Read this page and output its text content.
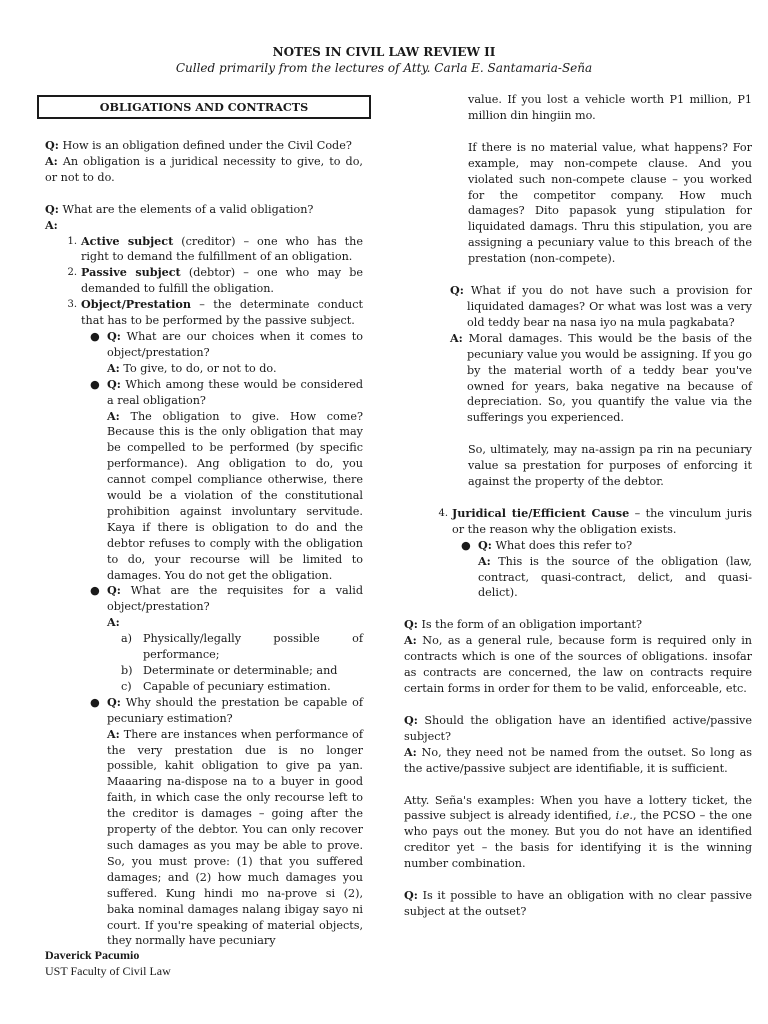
NOTES IN CIVIL LAW REVIEW II
Culled primarily from the lectures of Atty. Carla E. Santamaria-Seña
OBLIGATIONS AND CONTRACTS

Q: How is an obligation defined under the Civil Code?
A: An obligation is a juridical necessity to give, to do, or not to do.

Q: What are the elements of a valid obligation?
A:

1. Active subject (creditor) – one who has the right to demand the fulfillment of an obligation.
2. Passive subject (debtor) – one who may be demanded to fulfill the obligation.
3. Object/Prestation – the determinate conduct that has to be performed by the passive subject.
● Q: What are our choices when it comes to object/prestation?
A: To give, to do, or not to do.
● Q: Which among these would be considered a real obligation?
A: The obligation to give. How come? Because this is the only obligation that may be compelled to be performed (by specific performance). Ang obligation to do, you cannot compel compliance otherwise, there would be a violation of the constitutional prohibition against involuntary servitude. Kaya if there is obligation to do and the debtor refuses to comply with the obligation to do, your recourse will be limited to damages. You do not get the obligation.
● Q: What are the requisites for a valid object/prestation?
A:
a) Physically/legally possible of performance;
b) Determinate or determinable; and
c) Capable of pecuniary estimation.
● Q: Why should the prestation be capable of pecuniary estimation?
A: There are instances when performance of the very prestation due is no longer possible, kahit obligation to give pa yan. Maaaring na-dispose na to a buyer in good faith, in which case the only recourse left to the creditor is damages – going after the property of the debtor. You can only recover such damages as you may be able to prove. So, you must prove: (1) that you suffered damages; and (2) how much damages you suffered. Kung hindi mo na-prove si (2), baka nominal damages nalang ibigay sayo ni court. If you're speaking of material objects, they normally have pecuniary

value. If you lost a vehicle worth P1 million, P1 million din hingiin mo.

If there is no material value, what happens? For example, may non-compete clause. And you violated such non-compete clause – you worked for the competitor company. How much damages? Dito papasok yung stipulation for liquidated damags. Thru this stipulation, you are assigning a pecuniary value to this breach of the prestation (non-compete).

Q: What if you do not have such a provision for liquidated damages? Or what was lost was a very old teddy bear na nasa iyo na mula pagkabata?

A: Moral damages. This would be the basis of the pecuniary value you would be assigning. If you go by the material worth of a teddy bear you've owned for years, baka negative na because of depreciation. So, you quantify the value via the sufferings you experienced.

So, ultimately, may na-assign pa rin na pecuniary value sa prestation for purposes of enforcing it against the property of the debtor.

4. Juridical tie/Efficient Cause – the vinculum juris or the reason why the obligation exists.
● Q: What does this refer to?
A: This is the source of the obligation (law, contract, quasi-contract, delict, and quasi-delict).

Q: Is the form of an obligation important?
A: No, as a general rule, because form is required only in contracts which is one of the sources of obligations. insofar as contracts are concerned, the law on contracts require certain forms in order for them to be valid, enforceable, etc.

Q: Should the obligation have an identified active/passive subject?
A: No, they need not be named from the outset. So long as the active/passive subject are identifiable, it is sufficient.

Atty. Seña's examples: When you have a lottery ticket, the passive subject is already identified, i.e., the PCSO – the one who pays out the money. But you do not have an identified creditor yet – the basis for identifying it is the winning number combination.

Q: Is it possible to have an obligation with no clear passive subject at the outset?

Daverick Pacumio
UST Faculty of Civil Law
